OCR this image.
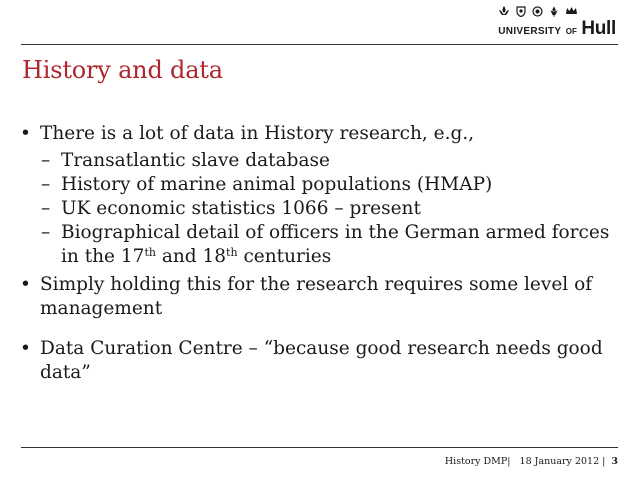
UNIVERSITY OF Hull
History and data
• There is a lot of data in History research, e.g.,
– Transatlantic slave database
– History of marine animal populations (HMAP)
– UK economic statistics 1066 – present
– Biographical detail of officers in the German armed forces
in the 17th and 18th centuries
• Simply holding this for the research requires some level of
management
• Data Curation Centre – “because good research needs good
data”
History DMP| 18 January 2012 | 3
